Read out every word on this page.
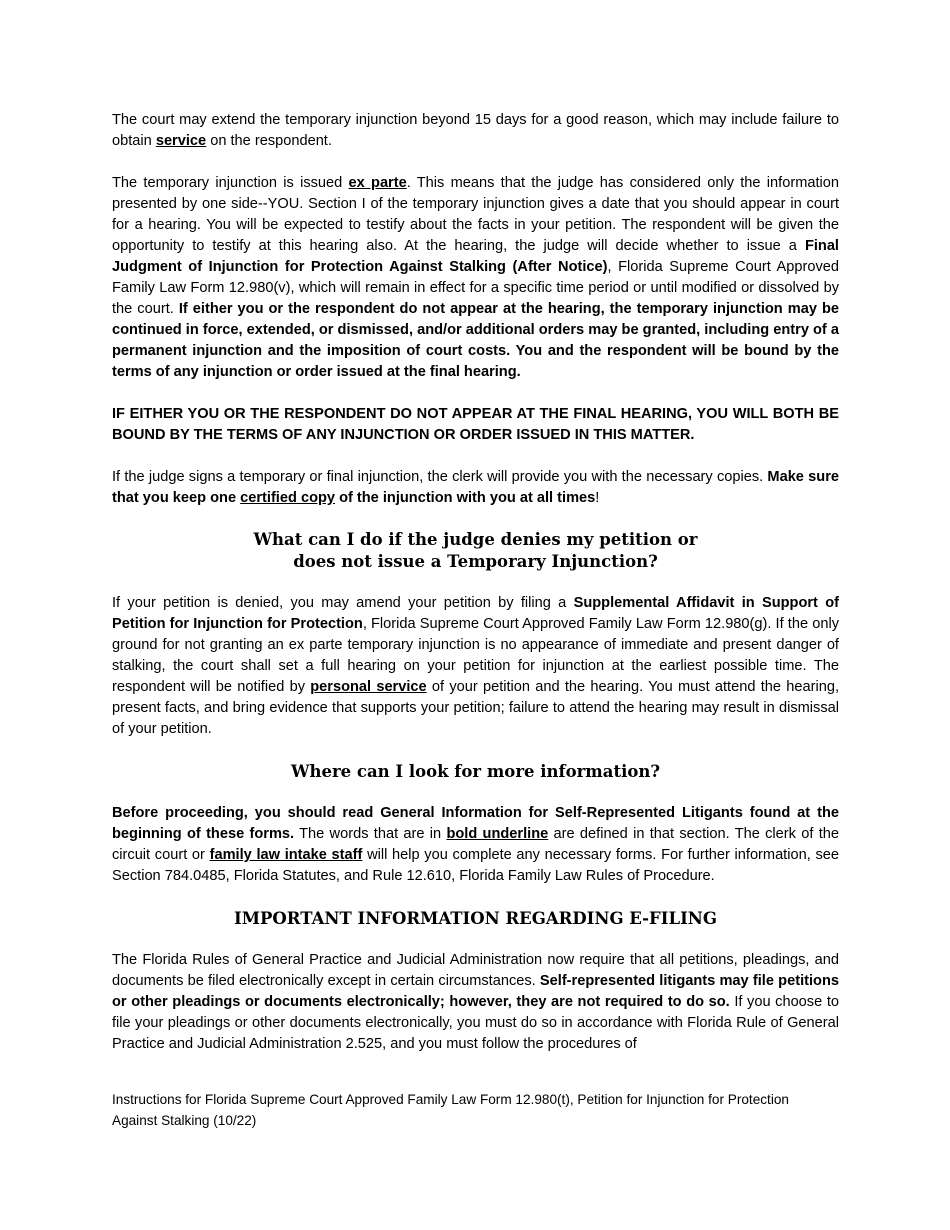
The court may extend the temporary injunction beyond 15 days for a good reason, which may include failure to obtain service on the respondent.

The temporary injunction is issued ex parte. This means that the judge has considered only the information presented by one side--YOU. Section I of the temporary injunction gives a date that you should appear in court for a hearing. You will be expected to testify about the facts in your petition. The respondent will be given the opportunity to testify at this hearing also. At the hearing, the judge will decide whether to issue a Final Judgment of Injunction for Protection Against Stalking (After Notice), Florida Supreme Court Approved Family Law Form 12.980(v), which will remain in effect for a specific time period or until modified or dissolved by the court. If either you or the respondent do not appear at the hearing, the temporary injunction may be continued in force, extended, or dismissed, and/or additional orders may be granted, including entry of a permanent injunction and the imposition of court costs. You and the respondent will be bound by the terms of any injunction or order issued at the final hearing.

IF EITHER YOU OR THE RESPONDENT DO NOT APPEAR AT THE FINAL HEARING, YOU WILL BOTH BE BOUND BY THE TERMS OF ANY INJUNCTION OR ORDER ISSUED IN THIS MATTER.

If the judge signs a temporary or final injunction, the clerk will provide you with the necessary copies. Make sure that you keep one certified copy of the injunction with you at all times!

What can I do if the judge denies my petition or
does not issue a Temporary Injunction?

If your petition is denied, you may amend your petition by filing a Supplemental Affidavit in Support of Petition for Injunction for Protection, Florida Supreme Court Approved Family Law Form 12.980(g). If the only ground for not granting an ex parte temporary injunction is no appearance of immediate and present danger of stalking, the court shall set a full hearing on your petition for injunction at the earliest possible time. The respondent will be notified by personal service of your petition and the hearing. You must attend the hearing, present facts, and bring evidence that supports your petition; failure to attend the hearing may result in dismissal of your petition.

Where can I look for more information?

Before proceeding, you should read General Information for Self-Represented Litigants found at the beginning of these forms. The words that are in bold underline are defined in that section. The clerk of the circuit court or family law intake staff will help you complete any necessary forms. For further information, see Section 784.0485, Florida Statutes, and Rule 12.610, Florida Family Law Rules of Procedure.

IMPORTANT INFORMATION REGARDING E-FILING

The Florida Rules of General Practice and Judicial Administration now require that all petitions, pleadings, and documents be filed electronically except in certain circumstances. Self-represented litigants may file petitions or other pleadings or documents electronically; however, they are not required to do so. If you choose to file your pleadings or other documents electronically, you must do so in accordance with Florida Rule of General Practice and Judicial Administration 2.525, and you must follow the procedures of

Instructions for Florida Supreme Court Approved Family Law Form 12.980(t), Petition for Injunction for Protection
Against Stalking (10/22)
